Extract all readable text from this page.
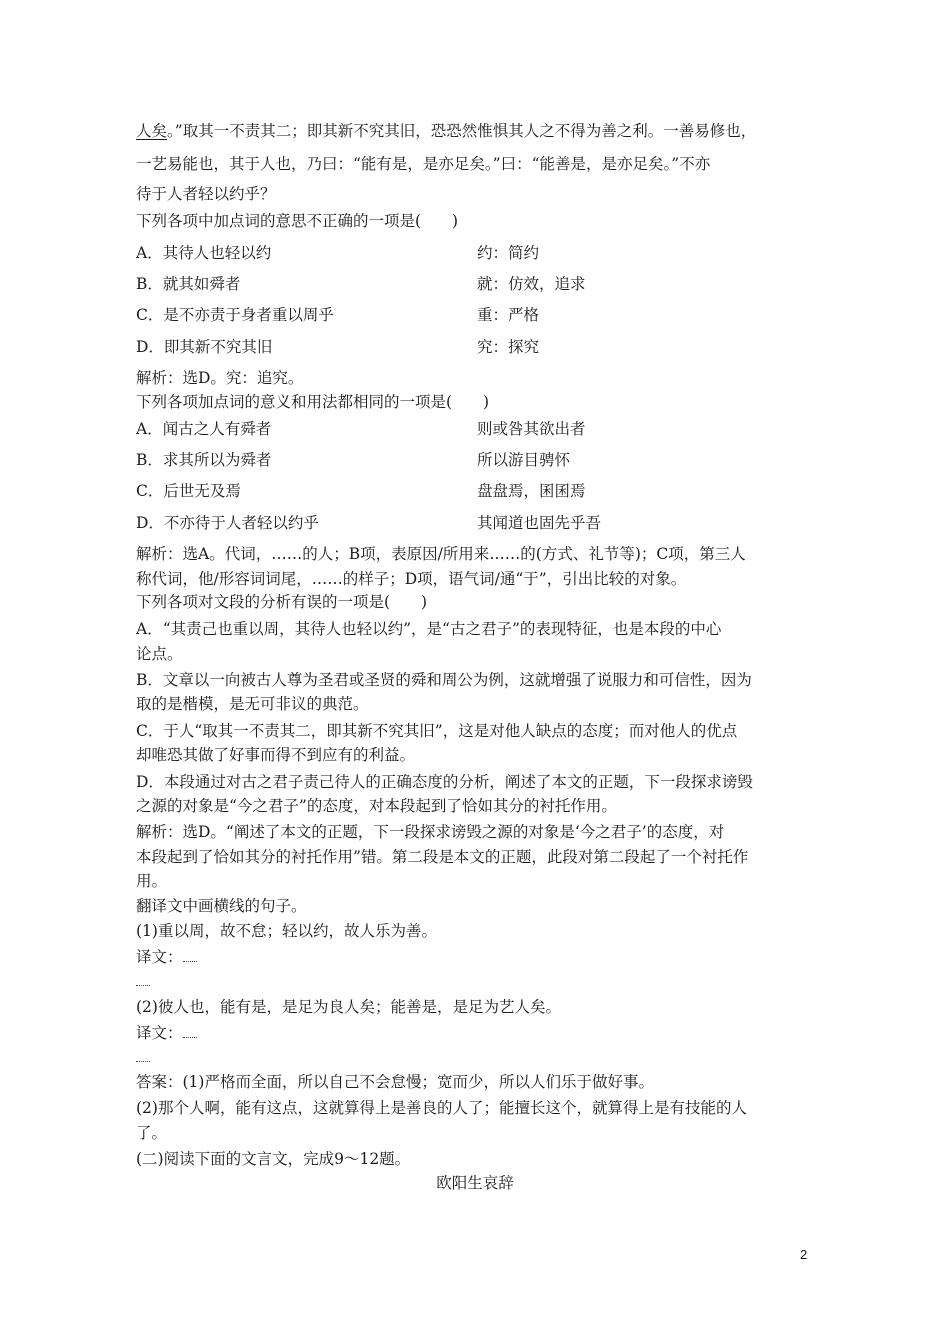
人矣。”取其一不责其二；即其新不究其旧，恐恐然惟惧其人之不得为善之利。一善易修也，
一艺易能也，其于人也，乃曰：“能有是，是亦足矣。”曰：“能善是，是亦足矣。”不亦
待于人者轻以约乎？
下列各项中加点词的意思不正确的一项是(　　)
A．其待人也轻以约	约：简约
B．就其如舜者	就：仿效，追求
C．是不亦责于身者重以周乎	重：严格
D．即其新不究其旧	究：探究
解析：选D。究：追究。
下列各项加点词的意义和用法都相同的一项是(　　)
A．闻古之人有舜者	则或咎其欲出者
B．求其所以为舜者	所以游目骋怀
C．后世无及焉	盘盘焉，囷囷焉
D．不亦待于人者轻以约乎	其闻道也固先乎吾
解析：选A。代词，……的人；B项，表原因/所用来……的(方式、礼节等)；C项，第三人
称代词，他/形容词词尾，……的样子；D项，语气词/通“于”，引出比较的对象。
下列各项对文段的分析有误的一项是(　　)
A．“其责己也重以周，其待人也轻以约”，是“古之君子”的表现特征，也是本段的中心
论点。
B．文章以一向被古人尊为圣君或圣贤的舜和周公为例，这就增强了说服力和可信性，因为
取的是楷模，是无可非议的典范。
C．于人“取其一不责其二，即其新不究其旧”，这是对他人缺点的态度；而对他人的优点
却唯恐其做了好事而得不到应有的利益。
D．本段通过对古之君子责己待人的正确态度的分析，阐述了本文的正题，下一段探求谤毁
之源的对象是“今之君子”的态度，对本段起到了恰如其分的衬托作用。
解析：选D。“阐述了本文的正题，下一段探求谤毁之源的对象是‘今之君子’的态度，对
本段起到了恰如其分的衬托作用”错。第二段是本文的正题，此段对第二段起了一个衬托作
用。
翻译文中画横线的句子。
(1)重以周，故不怠；轻以约，故人乐为善。
译文：
(2)彼人也，能有是，是足为良人矣；能善是，是足为艺人矣。
译文：
答案：(1)严格而全面，所以自己不会怠慢；宽而少，所以人们乐于做好事。
(2)那个人啊，能有这点，这就算得上是善良的人了；能擅长这个，就算得上是有技能的人
了。
(二)阅读下面的文言文，完成9～12题。
欧阳生哀辞
2
